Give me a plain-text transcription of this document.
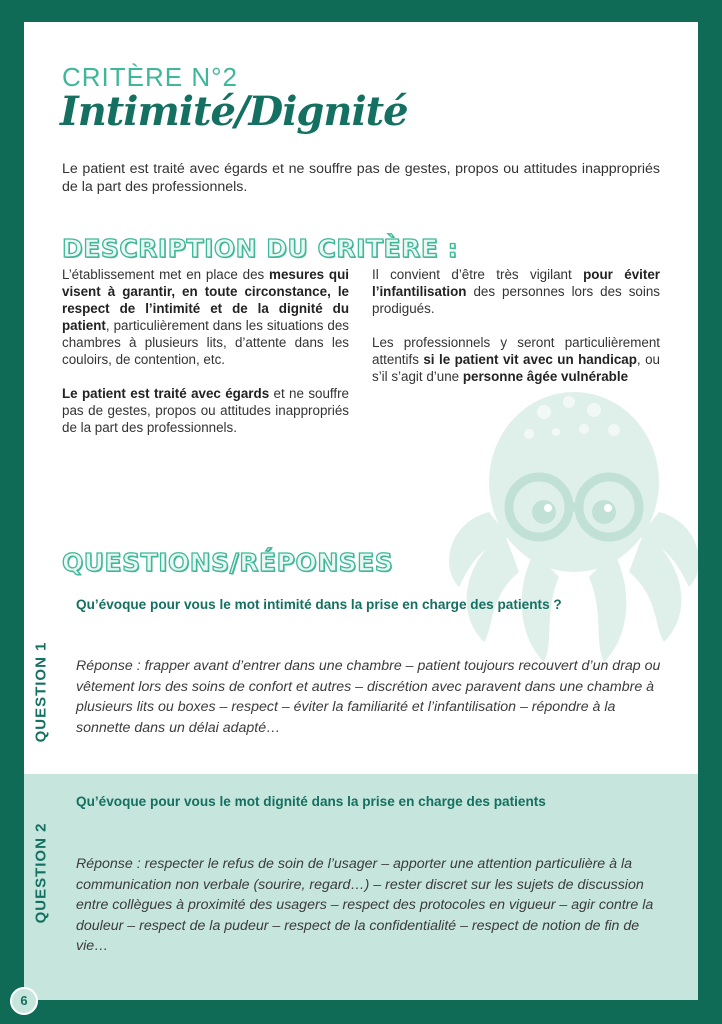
CRITÈRE N°2
Intimité/Dignité
Le patient est traité avec égards et ne souffre pas de gestes, propos ou attitudes inappropriés de la part des professionnels.
DESCRIPTION DU CRITÈRE :

L’établissement met en place des mesures qui visent à garantir, en toute circonstance, le respect de l’intimité et de la dignité du patient, particulièrement dans les situations des chambres à plusieurs lits, d’attente dans les couloirs, de contention, etc.

Le patient est traité avec égards et ne souffre pas de gestes, propos ou attitudes inappropriés de la part des professionnels.

Il convient d’être très vigilant pour éviter l’infantilisation des personnes lors des soins prodigués.

Les professionnels y seront particulièrement attentifs si le patient vit avec un handicap, ou s’il s’agit d’une personne âgée vulnérable

QUESTIONS/RÉPONSES
QUESTION 1
Qu’évoque pour vous le mot intimité dans la prise en charge des patients ?
Réponse : frapper avant d’entrer dans une chambre – patient toujours recouvert d’un drap ou vêtement lors des soins de confort et autres – discrétion avec paravent dans une chambre à plusieurs lits ou boxes – respect – éviter la familiarité et l’infantilisation – répondre à la sonnette dans un délai adapté…
QUESTION 2
Qu’évoque pour vous le mot dignité dans la prise en charge des patients
Réponse : respecter le refus de soin de l’usager – apporter une attention particulière à la communication non verbale (sourire, regard…) – rester discret sur les sujets de discussion entre collègues à proximité des usagers – respect des protocoles en vigueur – agir contre la douleur – respect de la pudeur – respect de la confidentialité – respect de notion de fin de vie…
6
